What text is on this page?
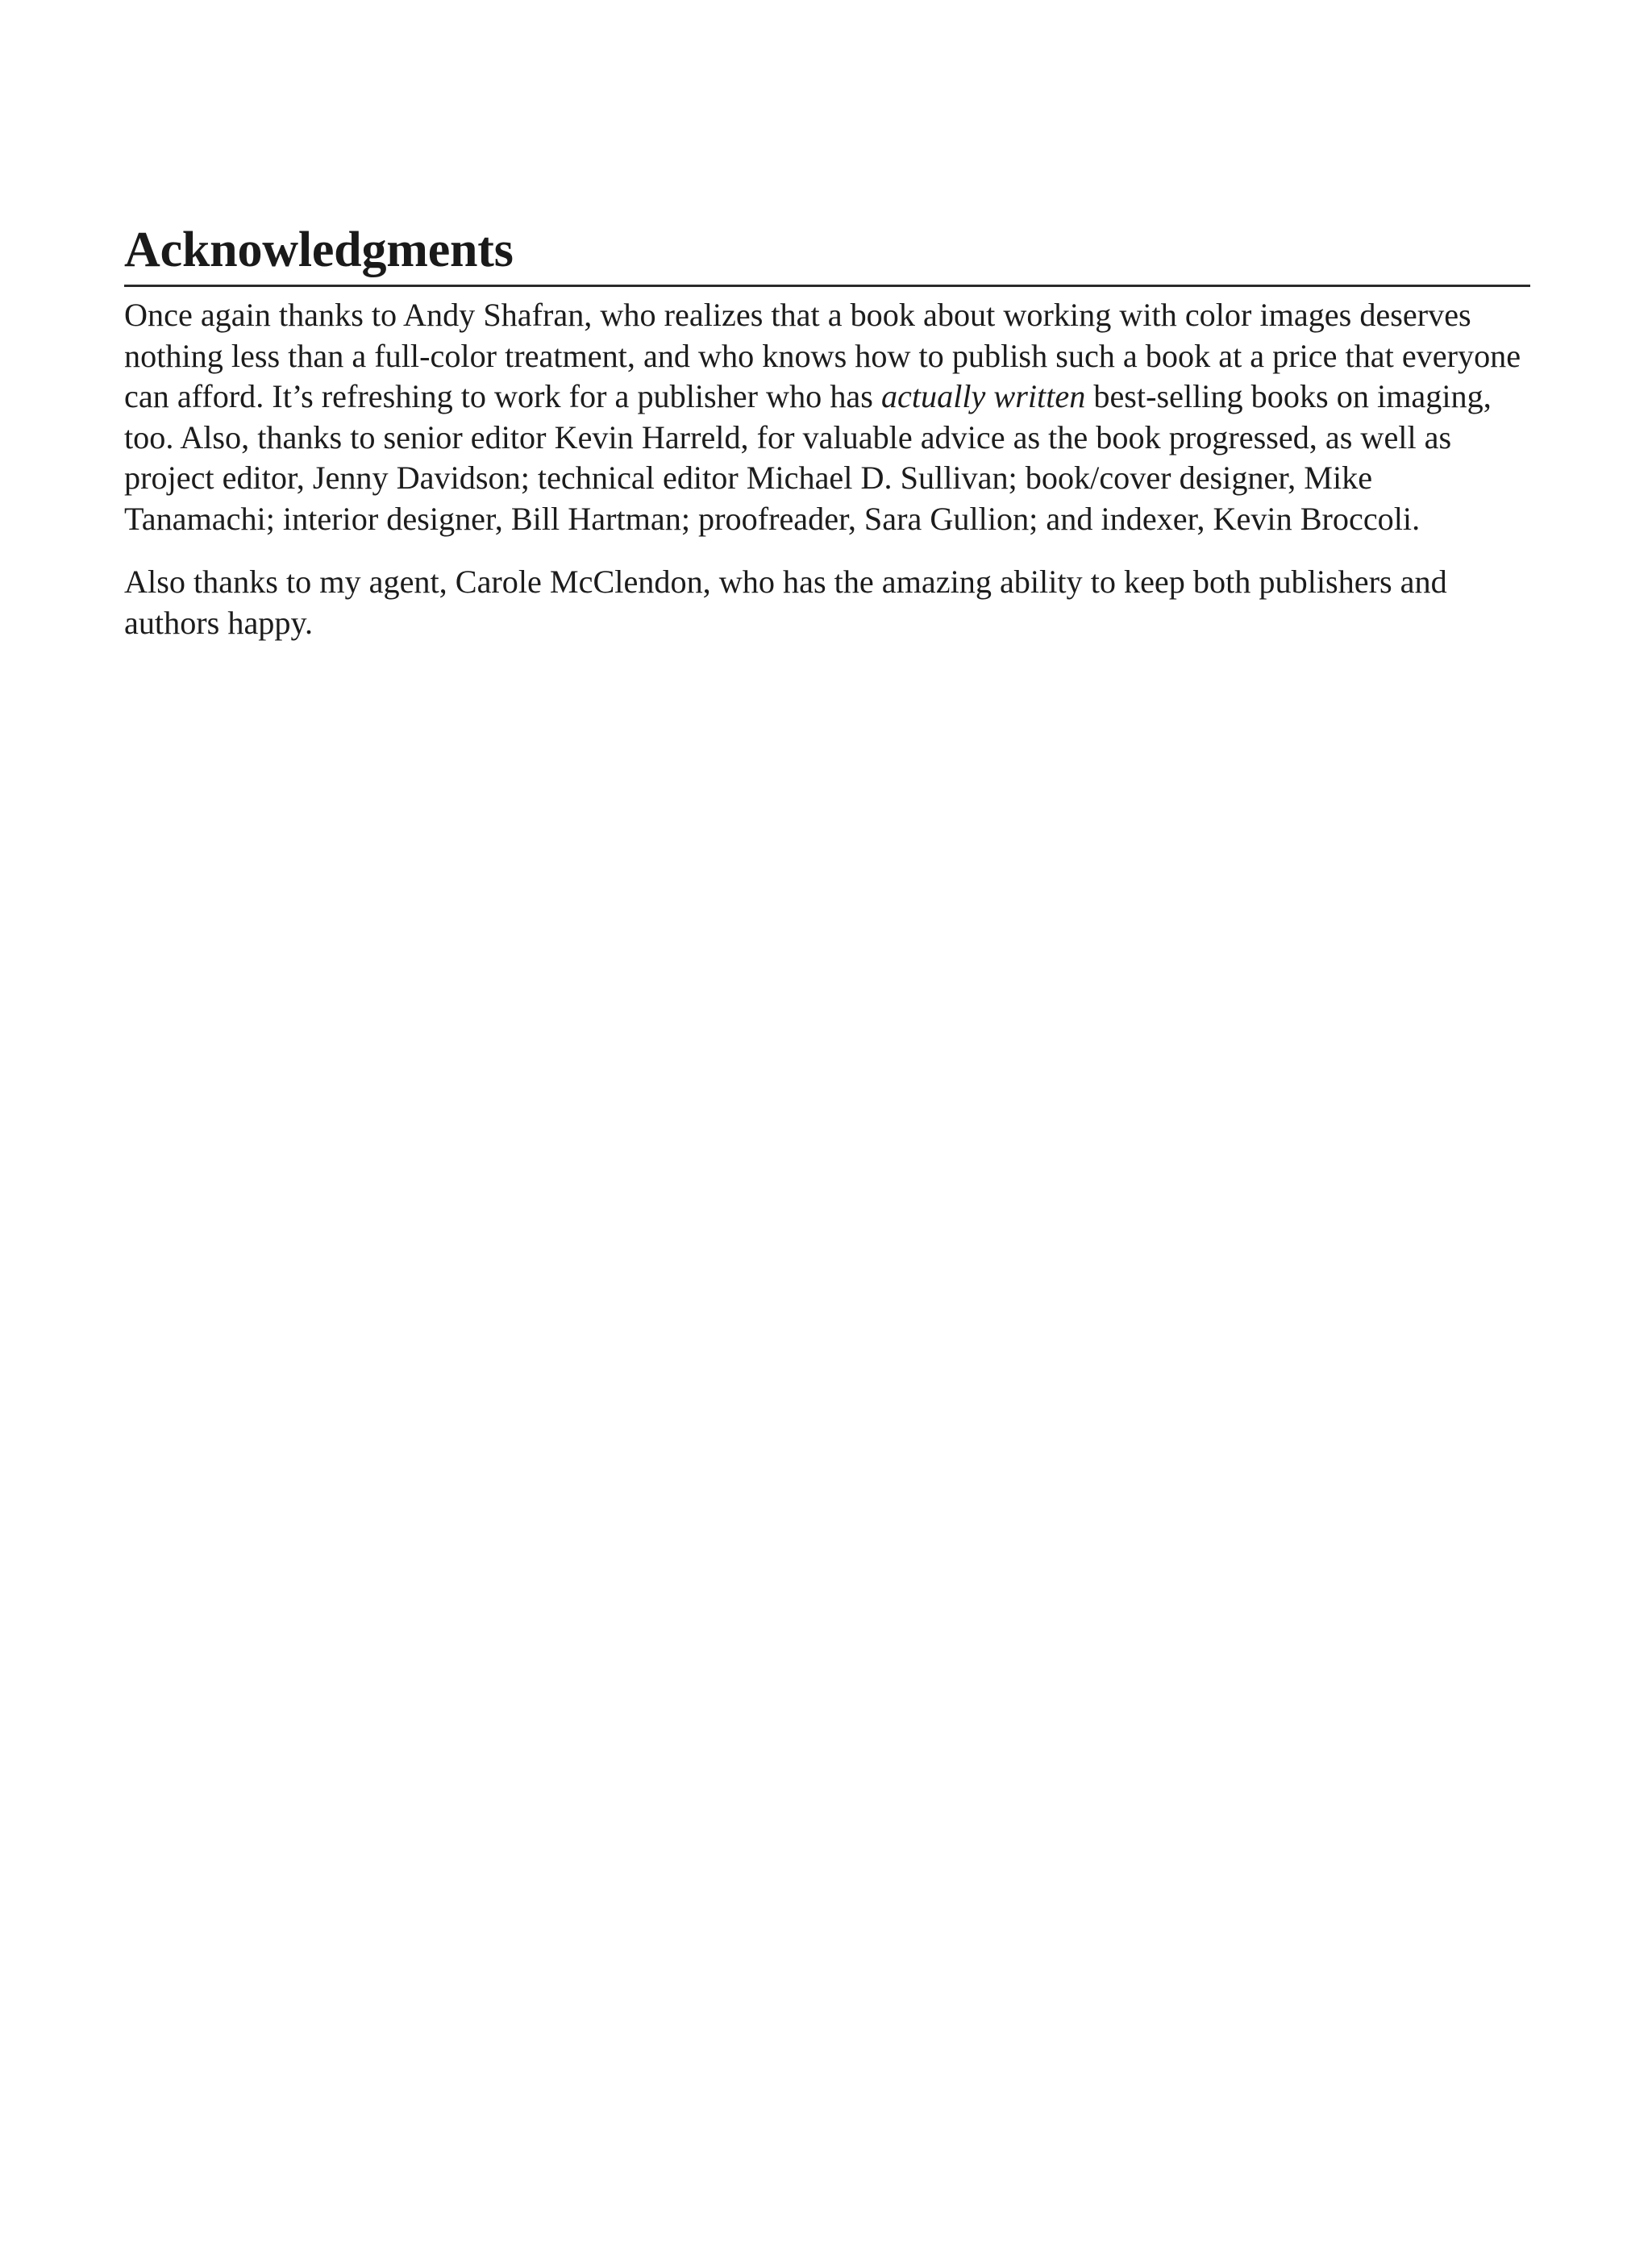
Acknowledgments

Once again thanks to Andy Shafran, who realizes that a book about working with color images deserves nothing less than a full-color treatment, and who knows how to publish such a book at a price that everyone can afford. It’s refreshing to work for a publisher who has actually written best-selling books on imaging, too. Also, thanks to senior editor Kevin Harreld, for valuable advice as the book progressed, as well as project editor, Jenny Davidson; technical editor Michael D. Sullivan; book/cover designer, Mike Tanamachi; interior designer, Bill Hartman; proofreader, Sara Gullion; and indexer, Kevin Broccoli.

Also thanks to my agent, Carole McClendon, who has the amazing ability to keep both publishers and authors happy.
